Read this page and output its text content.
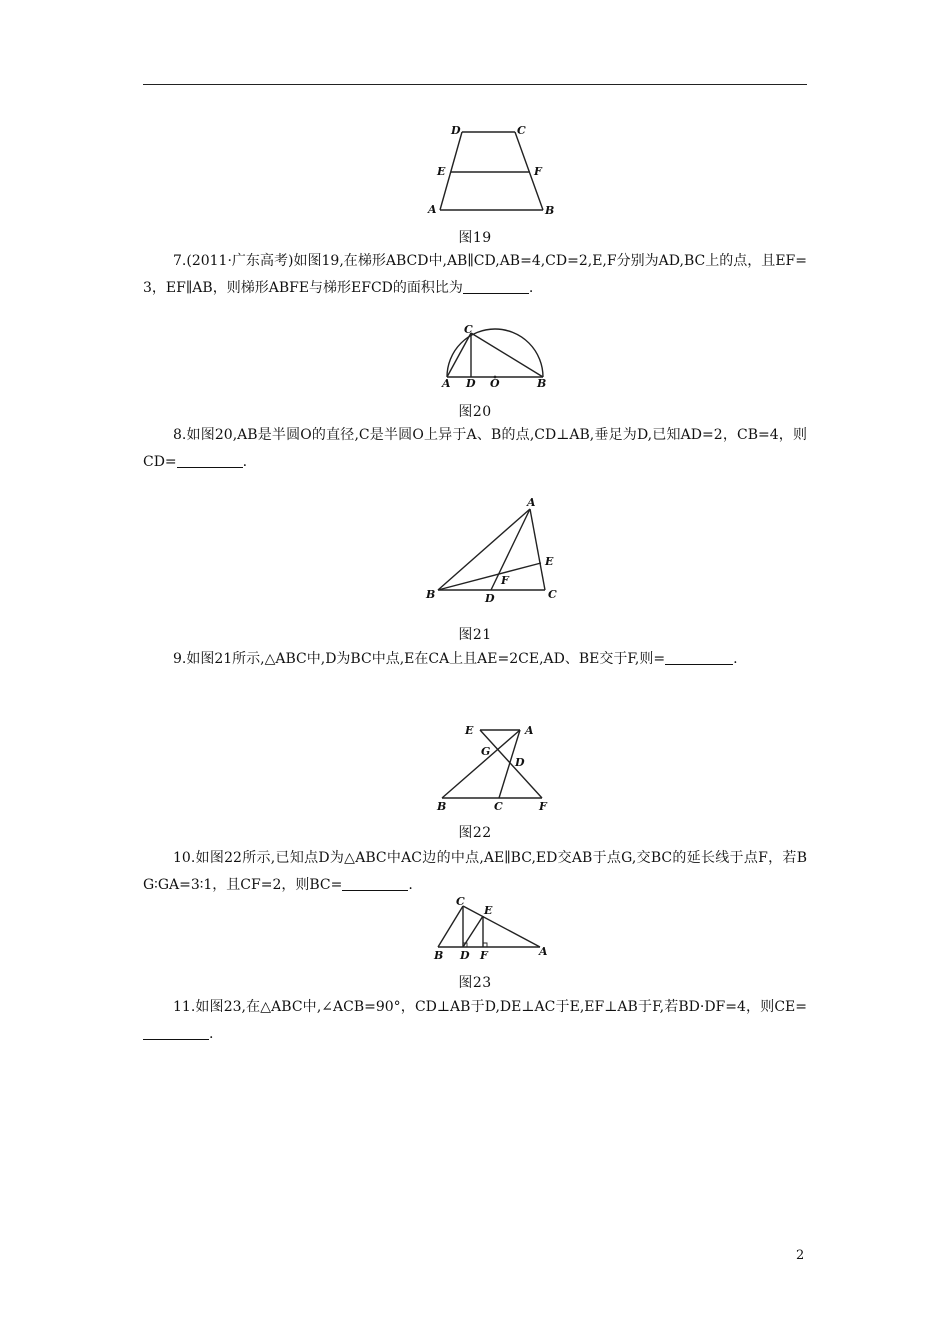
D	C
E	F
A	B
图19
7.(2011·广东高考)如图19,在梯形ABCD中,AB∥CD,AB=4,CD=2,E,F分别为AD,BC上的点，且EF=3，EF∥AB，则梯形ABFE与梯形EFCD的面积比为	.
C
A D O	B
图20
8.如图20,AB是半圆O的直径,C是半圆O上异于A、B的点,CD⊥AB,垂足为D,已知AD=2，CB=4，则CD=	.
A
E
F
B	D	C
图21
9.如图21所示,△ABC中,D为BC中点,E在CA上且AE=2CE,AD、BE交于F,则=	.
E	A
G
D
B	C	F
图22
10.如图22所示,已知点D为△ABC中AC边的中点,AE∥BC,ED交AB于点G,交BC的延长线于点F，若BG∶GA=3∶1，且CF=2，则BC=	.
C
E
B D F	A
图23
11.如图23,在△ABC中,∠ACB=90°，CD⊥AB于D,DE⊥AC于E,EF⊥AB于F,若BD·DF=4，则CE=.
2
